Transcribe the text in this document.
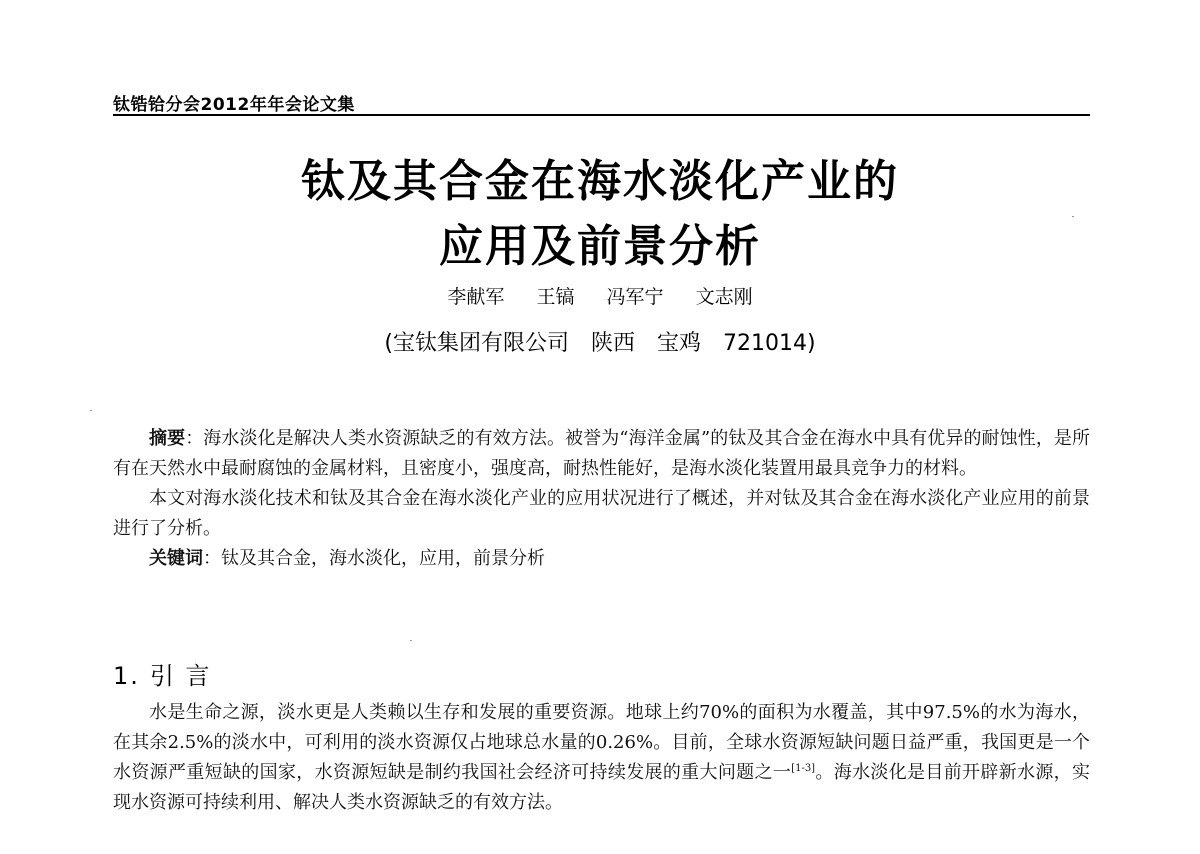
钛锆铪分会2012年年会论文集
钛及其合金在海水淡化产业的
应用及前景分析
李献军 王镐 冯军宁 文志刚
(宝钛集团有限公司 陕西 宝鸡 721014)

摘要：海水淡化是解决人类水资源缺乏的有效方法。被誉为“海洋金属”的钛及其合金在海水中具有优异的耐蚀性，是所有在天然水中最耐腐蚀的金属材料，且密度小，强度高，耐热性能好，是海水淡化装置用最具竞争力的材料。

本文对海水淡化技术和钛及其合金在海水淡化产业的应用状况进行了概述，并对钛及其合金在海水淡化产业应用的前景进行了分析。

关键词：钛及其合金，海水淡化，应用，前景分析

1. 引 言

水是生命之源，淡水更是人类赖以生存和发展的重要资源。地球上约70%的面积为水覆盖，其中97.5%的水为海水，在其余2.5%的淡水中，可利用的淡水资源仅占地球总水量的0.26%。目前，全球水资源短缺问题日益严重，我国更是一个水资源严重短缺的国家，水资源短缺是制约我国社会经济可持续发展的重大问题之一[1-3]。海水淡化是目前开辟新水源，实现水资源可持续利用、解决人类水资源缺乏的有效方法。
